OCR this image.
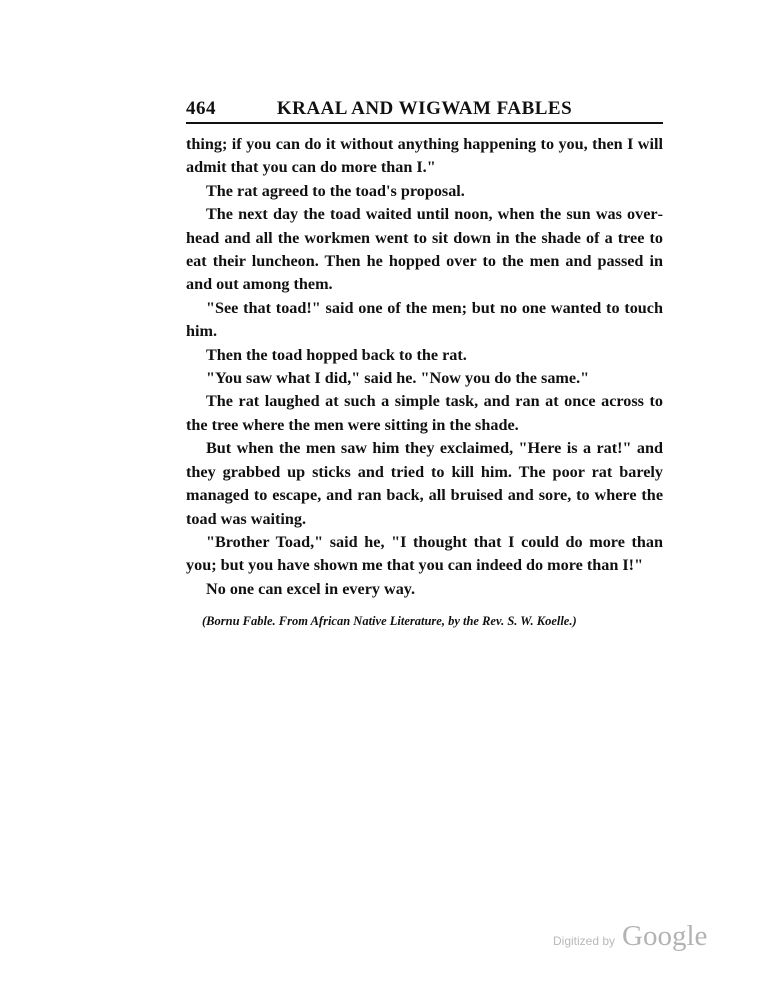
464	KRAAL AND WIGWAM FABLES

thing; if you can do it without anything happening to you, then I will admit that you can do more than I."

The rat agreed to the toad's proposal.

The next day the toad waited until noon, when the sun was overhead and all the workmen went to sit down in the shade of a tree to eat their luncheon. Then he hopped over to the men and passed in and out among them.

"See that toad!" said one of the men; but no one wanted to touch him.

Then the toad hopped back to the rat.

"You saw what I did," said he. "Now you do the same."

The rat laughed at such a simple task, and ran at once across to the tree where the men were sitting in the shade.

But when the men saw him they exclaimed, "Here is a rat!" and they grabbed up sticks and tried to kill him. The poor rat barely managed to escape, and ran back, all bruised and sore, to where the toad was waiting.

"Brother Toad," said he, "I thought that I could do more than you; but you have shown me that you can indeed do more than I!"

No one can excel in every way.

(Bornu Fable. From African Native Literature, by the Rev. S. W. Koelle.)
Digitized by Google
